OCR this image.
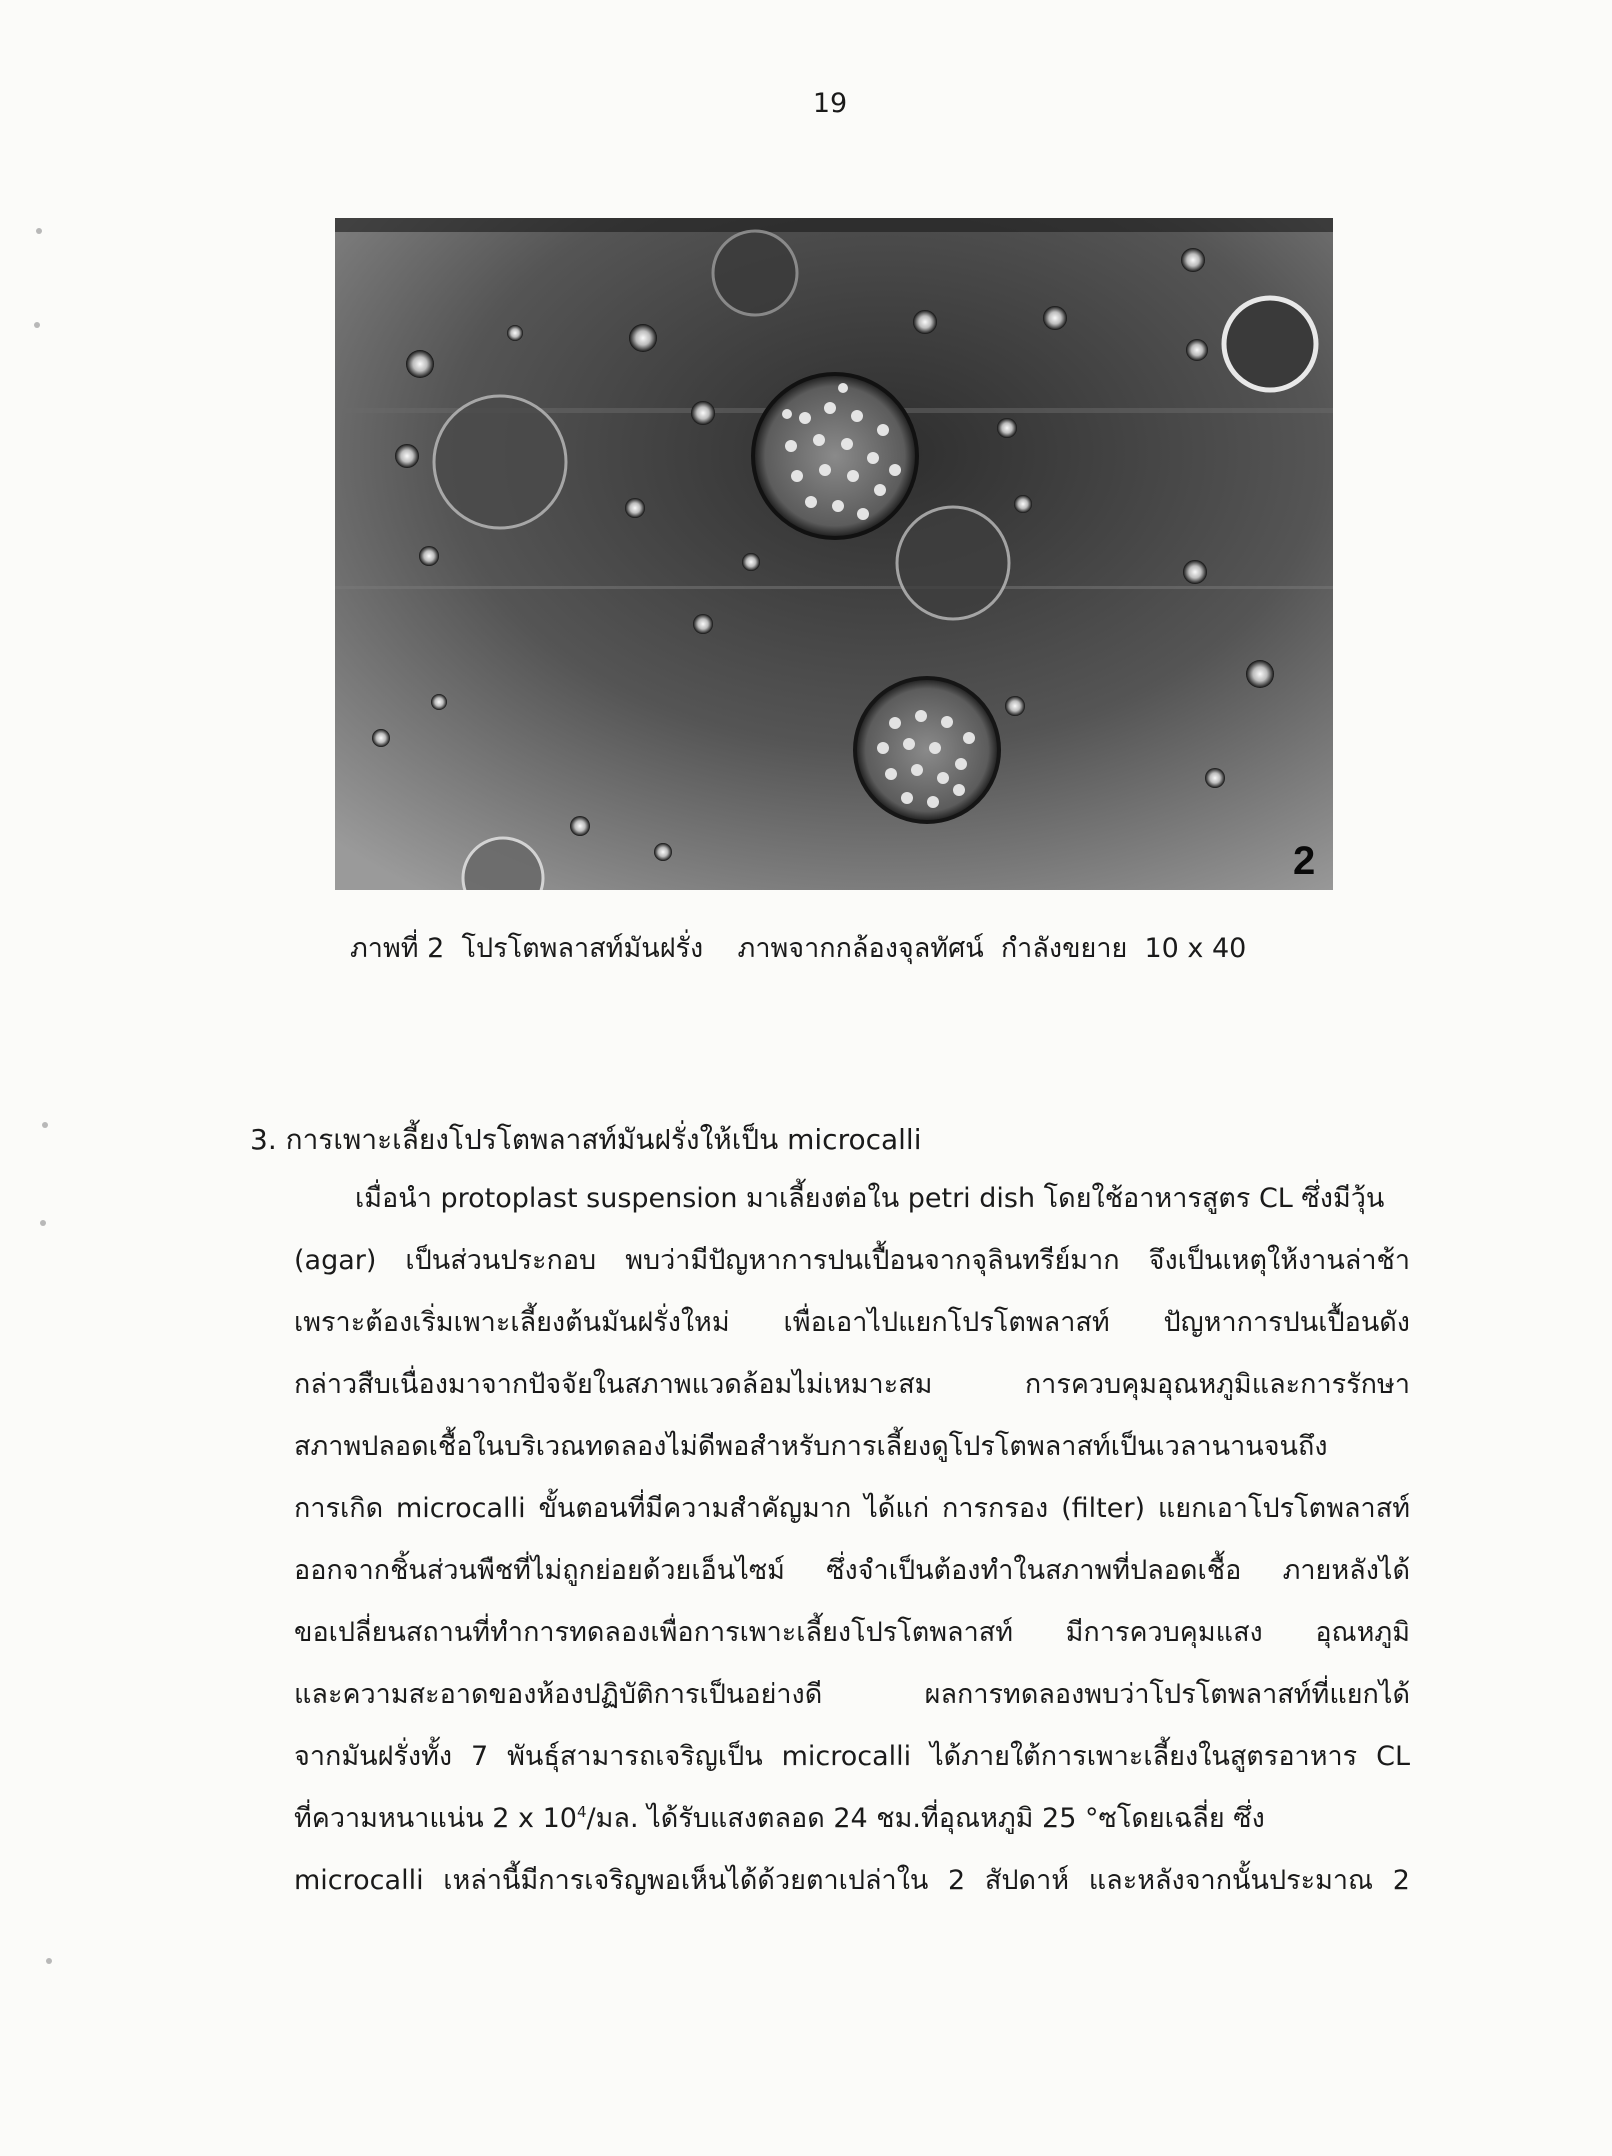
19
2
ภาพที่ 2  โปรโตพลาสท์มันฝรั่ง    ภาพจากกล้องจุลทัศน์  กำลังขยาย  10 x 40
3. การเพาะเลี้ยงโปรโตพลาสท์มันฝรั่งให้เป็น microcalli
เมื่อนำ protoplast suspension มาเลี้ยงต่อใน petri dish โดยใช้อาหารสูตร CL ซึ่งมีวุ้น
(agar) เป็นส่วนประกอบ พบว่ามีปัญหาการปนเปื้อนจากจุลินทรีย์มาก จึงเป็นเหตุให้งานล่าช้า
เพราะต้องเริ่มเพาะเลี้ยงต้นมันฝรั่งใหม่ เพื่อเอาไปแยกโปรโตพลาสท์ ปัญหาการปนเปื้อนดัง
กล่าวสืบเนื่องมาจากปัจจัยในสภาพแวดล้อมไม่เหมาะสม การควบคุมอุณหภูมิและการรักษา
สภาพปลอดเชื้อในบริเวณทดลองไม่ดีพอสำหรับการเลี้ยงดูโปรโตพลาสท์เป็นเวลานานจนถึง
การเกิด microcalli ขั้นตอนที่มีความสำคัญมาก ได้แก่ การกรอง (filter) แยกเอาโปรโตพลาสท์
ออกจากชิ้นส่วนพืชที่ไม่ถูกย่อยด้วยเอ็นไซม์ ซึ่งจำเป็นต้องทำในสภาพที่ปลอดเชื้อ ภายหลังได้
ขอเปลี่ยนสถานที่ทำการทดลองเพื่อการเพาะเลี้ยงโปรโตพลาสท์ มีการควบคุมแสง อุณหภูมิ
และความสะอาดของห้องปฏิบัติการเป็นอย่างดี ผลการทดลองพบว่าโปรโตพลาสท์ที่แยกได้
จากมันฝรั่งทั้ง 7 พันธุ์สามารถเจริญเป็น microcalli ได้ภายใต้การเพาะเลี้ยงในสูตรอาหาร CL
ที่ความหนาแน่น 2 x $10^4/$มล. ได้รับแสงตลอด 24 ชม.ที่อุณหภูมิ 25 °ซโดยเฉลี่ย ซึ่ง
microcalli เหล่านี้มีการเจริญพอเห็นได้ด้วยตาเปล่าใน 2 สัปดาห์ และหลังจากนั้นประมาณ 2
